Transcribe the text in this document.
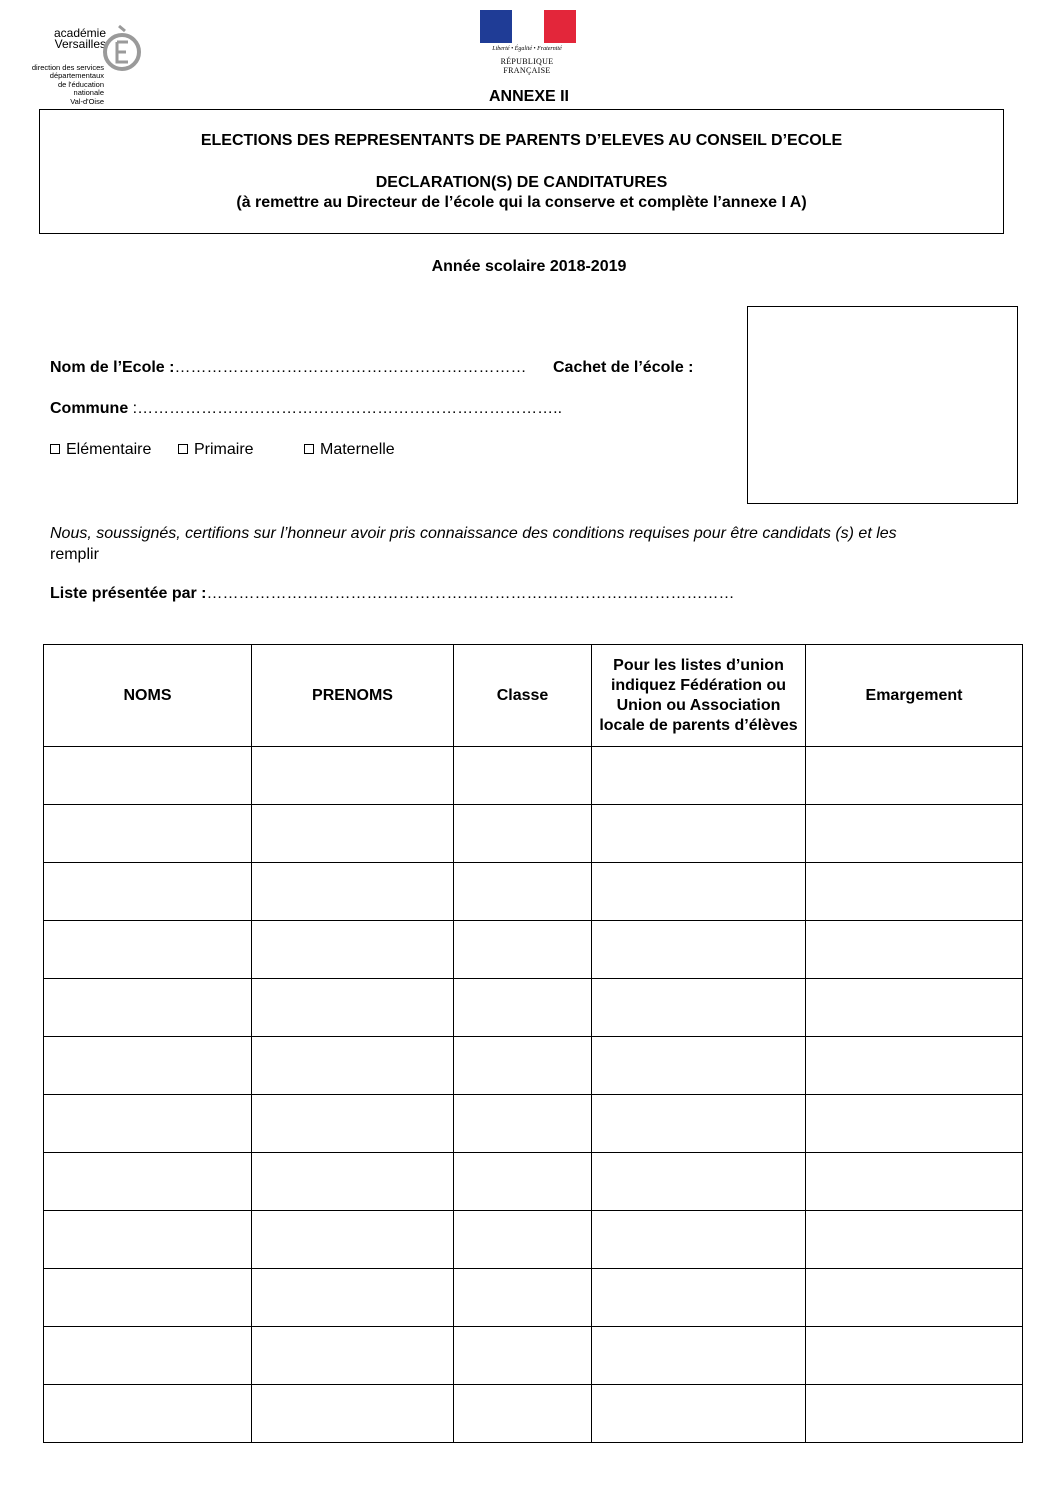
académie
Versailles
direction des services
départementaux
de l'éducation nationale
Val-d'Oise
Liberté • Égalité • Fraternité
RÉPUBLIQUE FRANÇAISE
ANNEXE II
ELECTIONS DES REPRESENTANTS DE PARENTS D’ELEVES AU CONSEIL D’ECOLE
DECLARATION(S) DE CANDITATURES
(à remettre au Directeur de l’école qui la conserve et complète l’annexe I A)
Année scolaire 2018-2019
Nom de l’Ecole :………………………………………………………… Cachet de l’école :
Commune :……………………………………………………………………..
Elémentaire	Primaire	Maternelle
Nous, soussignés, certifions sur l’honneur avoir pris connaissance des conditions requises pour être candidats (s) et les
remplir
Liste présentée par :………………………………………………………………………………………
NOMS	PRENOMS	Classe	Pour les listes d’union indiquez Fédération ou Union ou Association locale de parents d’élèves	Emargement
